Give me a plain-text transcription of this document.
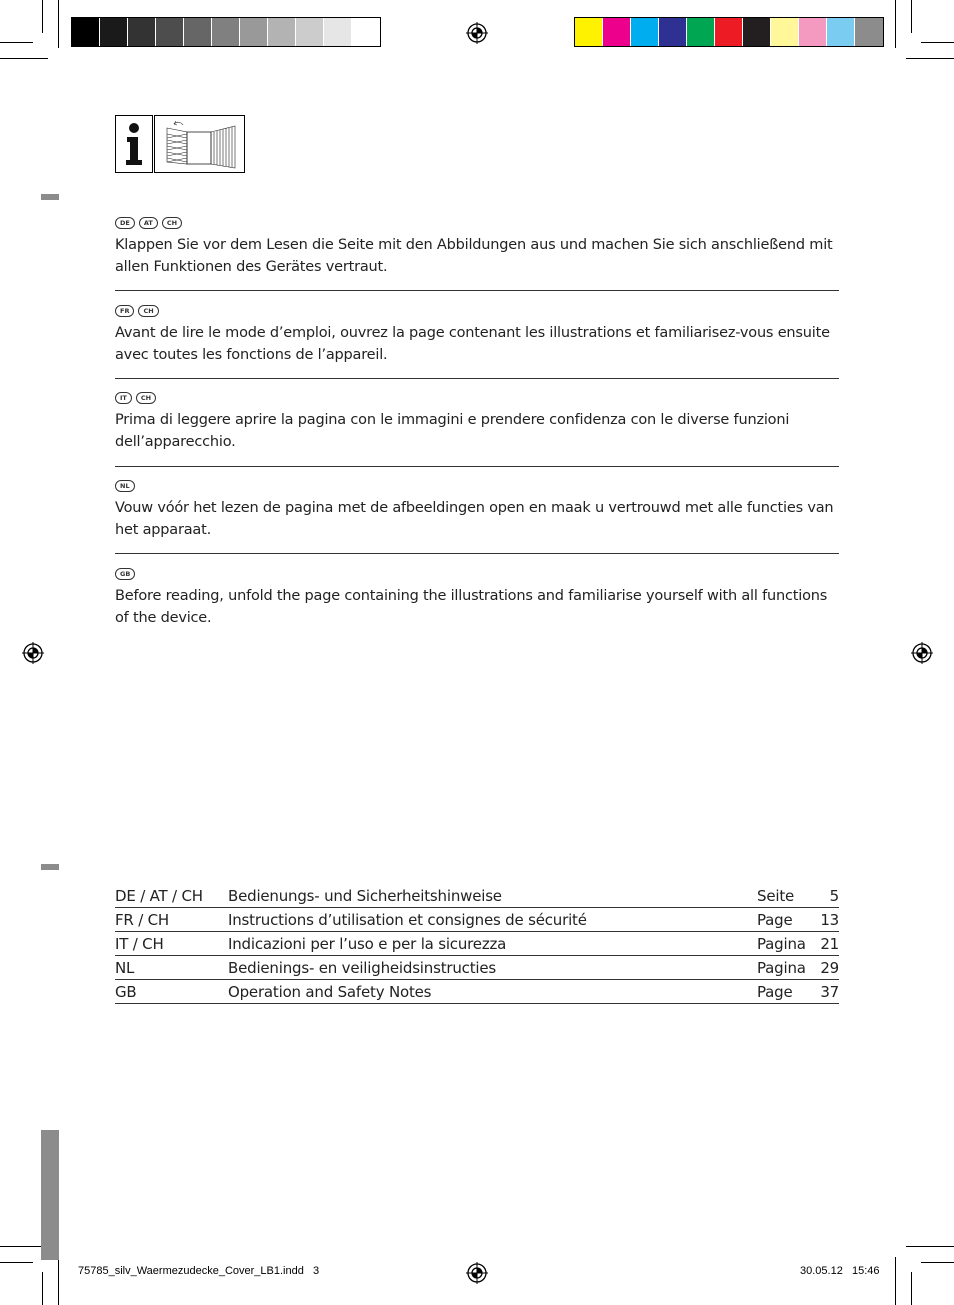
DE	AT	CH

Klappen Sie vor dem Lesen die Seite mit den Abbildungen aus und machen Sie sich anschließend mit allen Funktionen des Gerätes vertraut.

FR	CH

Avant de lire le mode d’emploi, ouvrez la page contenant les illustrations et familiarisez-vous ensuite avec toutes les fonctions de l’appareil.

IT	CH

Prima di leggere aprire la pagina con le immagini e prendere confidenza con le diverse funzioni dell’apparecchio.

NL

Vouw vóór het lezen de pagina met de afbeeldingen open en maak u vertrouwd met alle functies van het apparaat.

GB

Before reading, unfold the page containing the illustrations and familiarise yourself with all functions of the device.

DE / AT / CH	Bedienungs- und Sicherheitshinweise	Seite	5
FR / CH	Instructions d’utilisation et consignes de sécurité	Page	13
IT / CH	Indicazioni per l’uso e per la sicurezza	Pagina 21
NL	Bedienings- en veiligheidsinstructies	Pagina 29
GB	Operation and Safety Notes	Page	37
75785_silv_Waermezudecke_Cover_LB1.indd   3	30.05.12   15:46
